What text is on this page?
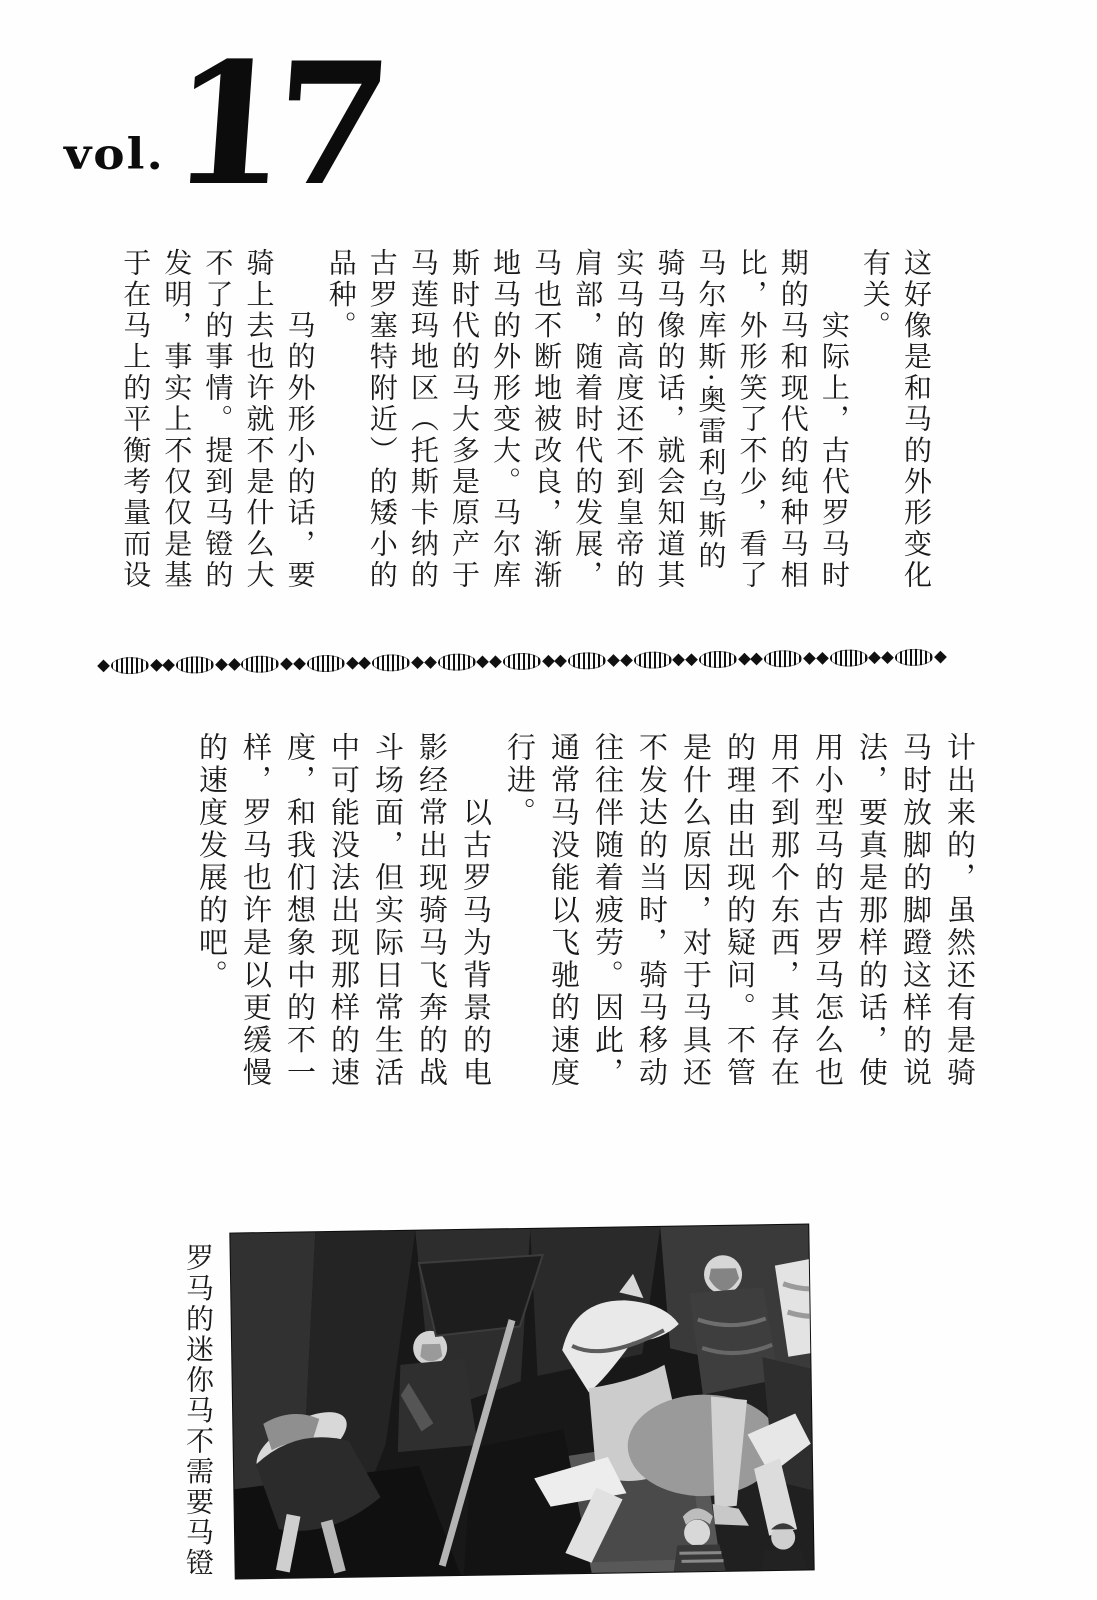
vol. 17
这好像是和马的外形变化
有关。
　　实际上，古代罗马时
期的马和现代的纯种马相
比，外形笑了不少，看了
马尔库斯·奥雷利乌斯的
骑马像的话，就会知道其
实马的高度还不到皇帝的
肩部，随着时代的发展，
马也不断地被改良，渐渐
地马的外形变大。马尔库
斯时代的马大多是原产于
马莲玛地区（托斯卡纳的
古罗塞特附近）的矮小的
品种。
　　马的外形小的话，要
骑上去也许就不是什么大
不了的事情。提到马镫的
发明，事实上不仅仅是基
于在马上的平衡考量而设
计出来的，虽然还有是骑
马时放脚的脚蹬这样的说
法，要真是那样的话，使
用小型马的古罗马怎么也
用不到那个东西，其存在
的理由出现的疑问。不管
是什么原因，对于马具还
不发达的当时，骑马移动
往往伴随着疲劳。因此，
通常马没能以飞驰的速度
行进。
　　以古罗马为背景的电
影经常出现骑马飞奔的战
斗场面，但实际日常生活
中可能没法出现那样的速
度，和我们想象中的不一
样，罗马也许是以更缓慢
的速度发展的吧。
罗马的迷你马不需要马镫
